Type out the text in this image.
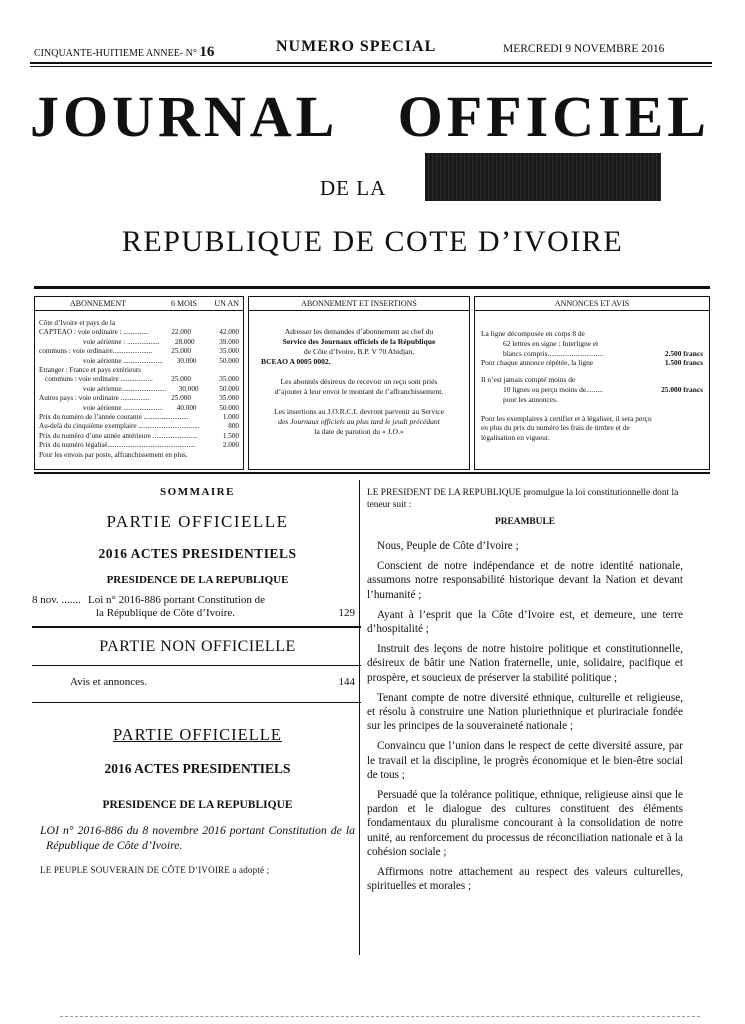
CINQUANTE-HUITIEME ANNEE- N° 16	NUMERO SPECIAL	MERCREDI 9 NOVEMBRE 2016
JOURNAL OFFICIEL
DE LA
REPUBLIQUE DE COTE D’IVOIRE
ABONNEMENT	6 MOIS	UN AN
Côte d’Ivoire et pays de la
CAPTEAO : voie ordinaire : ..............	22.000	42.000
voie aérienne : ..................	28.000	39.000
communs : voie ordinaire......................	25.000	35.000
voie aérienne ......................	30.000	50.000
Etranger : France et pays extérieurs
communs : voie ordinaire ..................	25.000	35.000
voie aérienne.........................	30.000	50.000
Autres pays : voie ordinaire ................	25.000	35.000
voie aérienne ......................	40.000	50.000
Prix du numéro de l’année courante .........................	1.000
Au-delà du cinquième exemplaire ..................................	800
Prix du numéro d’une année antérieure .........................	1.500
Prix du numéro légalisé.................................................	2.000
Pour les envois par poste, affranchissement en plus.
ABONNEMENT ET INSERTIONS
Adresser les demandes d’abonnement au chef du
Service des Journaux officiels de la République
de Côte d’Ivoire, B.P. V 70 Abidjan,
BCEAO A 0005 0002.
Les abonnés désireux de recevoir un reçu sont priés
d’ajouter à leur envoi le montant de l’affranchissement.
Les insertions au J.O.R.C.I. devront parvenir au Service
des Journaux officiels au plus tard le jeudi précédant
la date de parution du « J.O.»
ANNONCES ET AVIS
La ligne décomposée en corps 8 de
62 lettres en signe : Interligne et
blancs compris..............................	2.500 francs
Pour chaque annonce répétée, la ligne	1.500 francs
Il n’est jamais compté moins de
10 lignes ou perçu moins de.........	25.000 francs
pour les annonces.
Pour les exemplaires à certifier et à légaliser, il sera perçu
en plus du prix du numéro les frais de timbre et de
légalisation en vigueur.
SOMMAIRE
PARTIE OFFICIELLE
2016 ACTES PRESIDENTIELS
PRESIDENCE DE LA REPUBLIQUE
8 nov. ....... Loi n° 2016-886 portant Constitution de
la République de Côte d’Ivoire.	129
PARTIE NON OFFICIELLE
Avis et annonces.	144
PARTIE OFFICIELLE
2016 ACTES PRESIDENTIELS
PRESIDENCE DE LA REPUBLIQUE
LOI n° 2016-886 du 8 novembre 2016 portant Constitution de la République de Côte d’Ivoire.
LE PEUPLE SOUVERAIN DE CÔTE D’IVOIRE a adopté ;
LE PRESIDENT DE LA REPUBLIQUE promulgue la loi constitutionnelle dont la teneur suit :
PREAMBULE

Nous, Peuple de Côte d’Ivoire ;

Conscient de notre indépendance et de notre identité nationale, assumons notre responsabilité historique devant la Nation et devant l’humanité ;

Ayant à l’esprit que la Côte d’Ivoire est, et demeure, une terre d’hospitalité ;

Instruit des leçons de notre histoire politique et constitutionnelle, désireux de bâtir une Nation fraternelle, unie, solidaire, pacifique et prospère, et soucieux de préserver la stabilité politique ;

Tenant compte de notre diversité ethnique, culturelle et religieuse, et résolu à construire une Nation pluriethnique et pluriraciale fondée sur les principes de la souveraineté nationale ;

Convaincu que l’union dans le respect de cette diversité assure, par le travail et la discipline, le progrès économique et le bien-être social de tous ;

Persuadé que la tolérance politique, ethnique, religieuse ainsi que le pardon et le dialogue des cultures constituent des éléments fondamentaux du pluralisme concourant à la consolidation de notre unité, au renforcement du processus de réconciliation nationale et à la cohésion sociale ;

Affirmons notre attachement au respect des valeurs culturelles, spirituelles et morales ;
